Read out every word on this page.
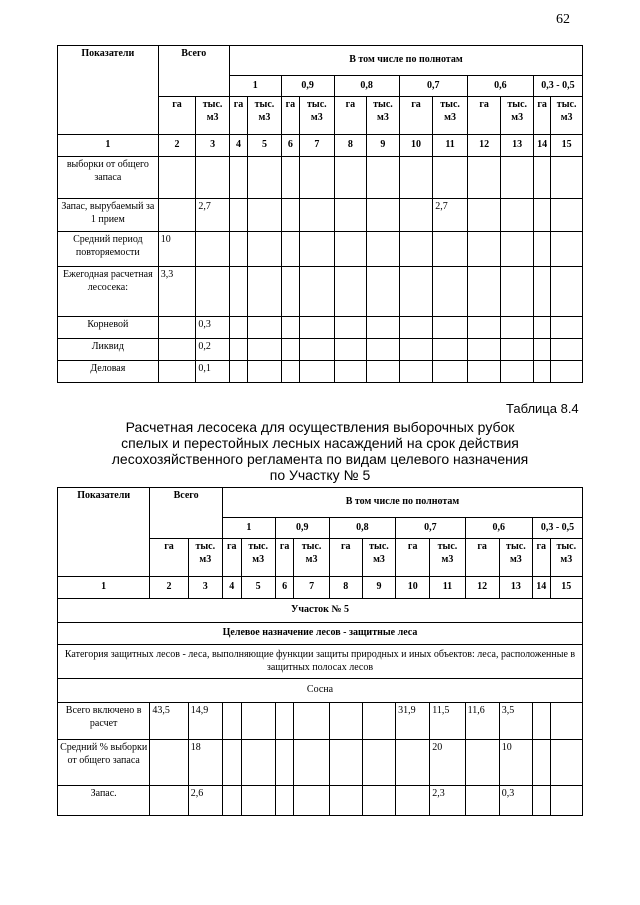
62
Показатели	Всего		В том числе по полнотам											
			1		0,9		0,8		0,7		0,6		0,3 - 0,5	
	га	тыс. м3	га	тыс. м3	га	тыс. м3	га	тыс. м3	га	тыс. м3	га	тыс. м3	га	тыс. м3
1	2	3	4	5	6	7	8	9	10	11	12	13	14	15
выборки от общего запаса														
Запас, вырубаемый за 1 прием		2,7								2,7				
Средний период повторяемости	10													
Ежегодная расчетная лесосека:	3,3													
Корневой		0,3												
Ликвид		0,2												
Деловая		0,1												
Таблица 8.4
Расчетная лесосека для осуществления выборочных рубок
спелых и перестойных лесных насаждений на срок действия
лесохозяйственного регламента по видам целевого назначения
по Участку № 5
Показатели	Всего		В том числе по полнотам											
			1		0,9		0,8		0,7		0,6		0,3 - 0,5	
	га	тыс. м3	га	тыс. м3	га	тыс. м3	га	тыс. м3	га	тыс. м3	га	тыс. м3	га	тыс. м3
1	2	3	4	5	6	7	8	9	10	11	12	13	14	15
Участок № 5														
Целевое назначение лесов - защитные леса														
Категория защитных лесов - леса, выполняющие функции защиты природных и иных объектов: леса, расположенные в защитных полосах лесов														
Сосна														
Всего включено в расчет	43,5	14,9							31,9	11,5	11,6	3,5		
Средний % выборки от общего запаса		18								20		10		
Запас.		2,6								2,3		0,3		
